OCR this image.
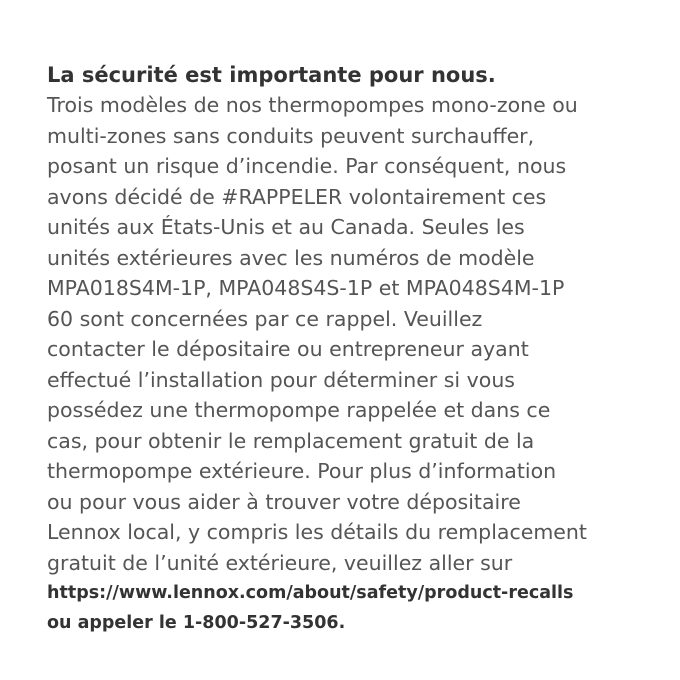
La sécurité est importante pour nous.

Trois modèles de nos thermopompes mono-zone ou

multi-zones sans conduits peuvent surchauffer,

posant un risque d’incendie. Par conséquent, nous

avons décidé de #RAPPELER volontairement ces

unités aux États-Unis et au Canada. Seules les

unités extérieures avec les numéros de modèle

MPA018S4M-1P, MPA048S4S-1P et MPA048S4M-1P

60 sont concernées par ce rappel. Veuillez

contacter le dépositaire ou entrepreneur ayant

effectué l’installation pour déterminer si vous

possédez une thermopompe rappelée et dans ce

cas, pour obtenir le remplacement gratuit de la

thermopompe extérieure. Pour plus d’information

ou pour vous aider à trouver votre dépositaire

Lennox local, y compris les détails du remplacement

gratuit de l’unité extérieure, veuillez aller sur

https://www.lennox.com/about/safety/product-recalls

ou appeler le 1-800-527-3506.
